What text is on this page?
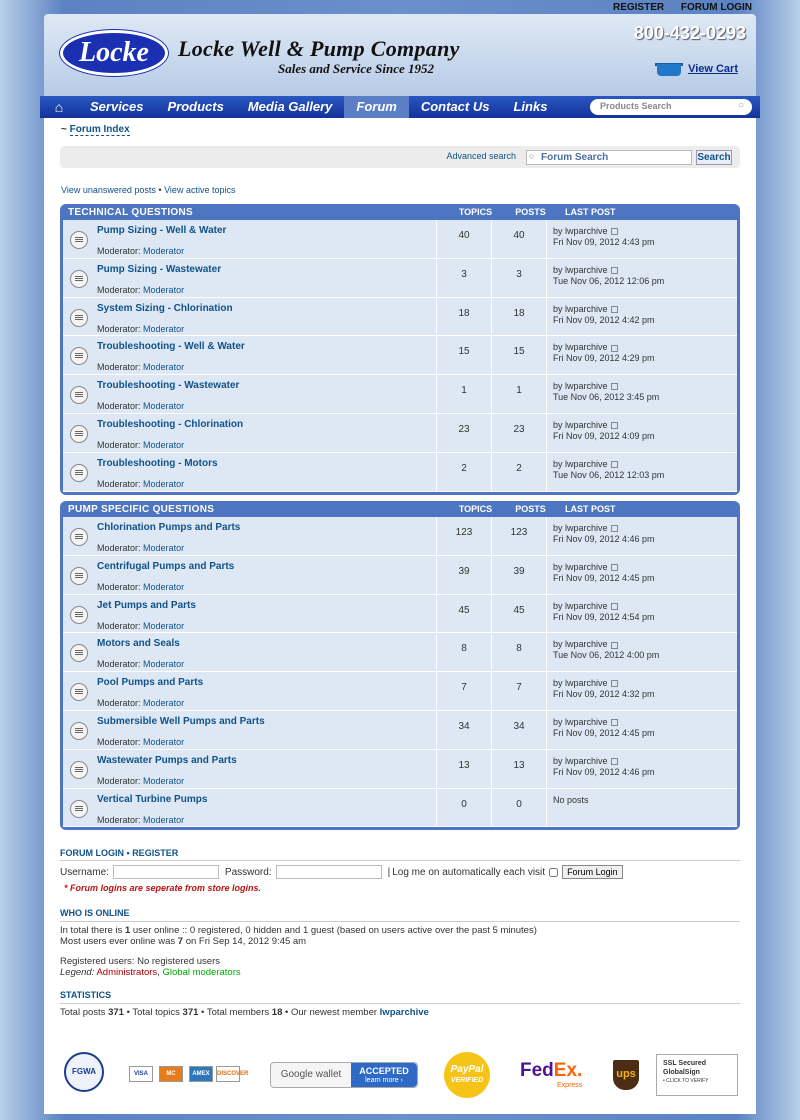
REGISTER FORUM LOGIN
Locke	Locke Well & Pump Company
Sales and Service Since 1952
800-432-0293
View Cart
⌂	Services	Products	Media Gallery	Forum	Contact Us	Links	Products Search	○
~ Forum Index
Advanced search ○ Forum Search	Search
View unanswered posts • View active topics
TECHNICAL QUESTIONS	TOPICS	POSTS	LAST POST
Pump Sizing - Well & Water
Moderator: Moderator
40	40	by lwparchive
Fri Nov 09, 2012 4:43 pm
Pump Sizing - Wastewater
Moderator: Moderator
3	3	by lwparchive
Tue Nov 06, 2012 12:06 pm
System Sizing - Chlorination
Moderator: Moderator
18	18	by lwparchive
Fri Nov 09, 2012 4:42 pm
Troubleshooting - Well & Water
Moderator: Moderator
15	15	by lwparchive
Fri Nov 09, 2012 4:29 pm
Troubleshooting - Wastewater
Moderator: Moderator
1	1	by lwparchive
Tue Nov 06, 2012 3:45 pm
Troubleshooting - Chlorination
Moderator: Moderator
23	23	by lwparchive
Fri Nov 09, 2012 4:09 pm
Troubleshooting - Motors
Moderator: Moderator
2	2	by lwparchive
Tue Nov 06, 2012 12:03 pm
PUMP SPECIFIC QUESTIONS	TOPICS	POSTS	LAST POST
Chlorination Pumps and Parts
Moderator: Moderator
123	123	by lwparchive
Fri Nov 09, 2012 4:46 pm
Centrifugal Pumps and Parts
Moderator: Moderator
39	39	by lwparchive
Fri Nov 09, 2012 4:45 pm
Jet Pumps and Parts
Moderator: Moderator
45	45	by lwparchive
Fri Nov 09, 2012 4:54 pm
Motors and Seals
Moderator: Moderator
8	8	by lwparchive
Tue Nov 06, 2012 4:00 pm
Pool Pumps and Parts
Moderator: Moderator
7	7	by lwparchive
Fri Nov 09, 2012 4:32 pm
Submersible Well Pumps and Parts
Moderator: Moderator
34	34	by lwparchive
Fri Nov 09, 2012 4:45 pm
Wastewater Pumps and Parts
Moderator: Moderator
13	13	by lwparchive
Fri Nov 09, 2012 4:46 pm
Vertical Turbine Pumps
Moderator: Moderator
0	0	No posts
FORUM LOGIN • REGISTER
Username:	Password:	| Log me on automatically each visit	Forum Login
* Forum logins are seperate from store logins.
WHO IS ONLINE

In total there is 1 user online :: 0 registered, 0 hidden and 1 guest (based on users active over the past 5 minutes)

Most users ever online was 7 on Fri Sep 14, 2012 9:45 am

Registered users: No registered users

Legend: Administrators, Global moderators

STATISTICS

Total posts 371 • Total topics 371 • Total members 18 • Our newest member lwparchive

FGWA	VISA	MC	AMEX	DISCOVER	Google wallet	ACCEPTED
learn more ›
PayPal
VERIFIED	FedEx.
Express
ups
SSL Secured
GlobalSign
• CLICK TO VERIFY
